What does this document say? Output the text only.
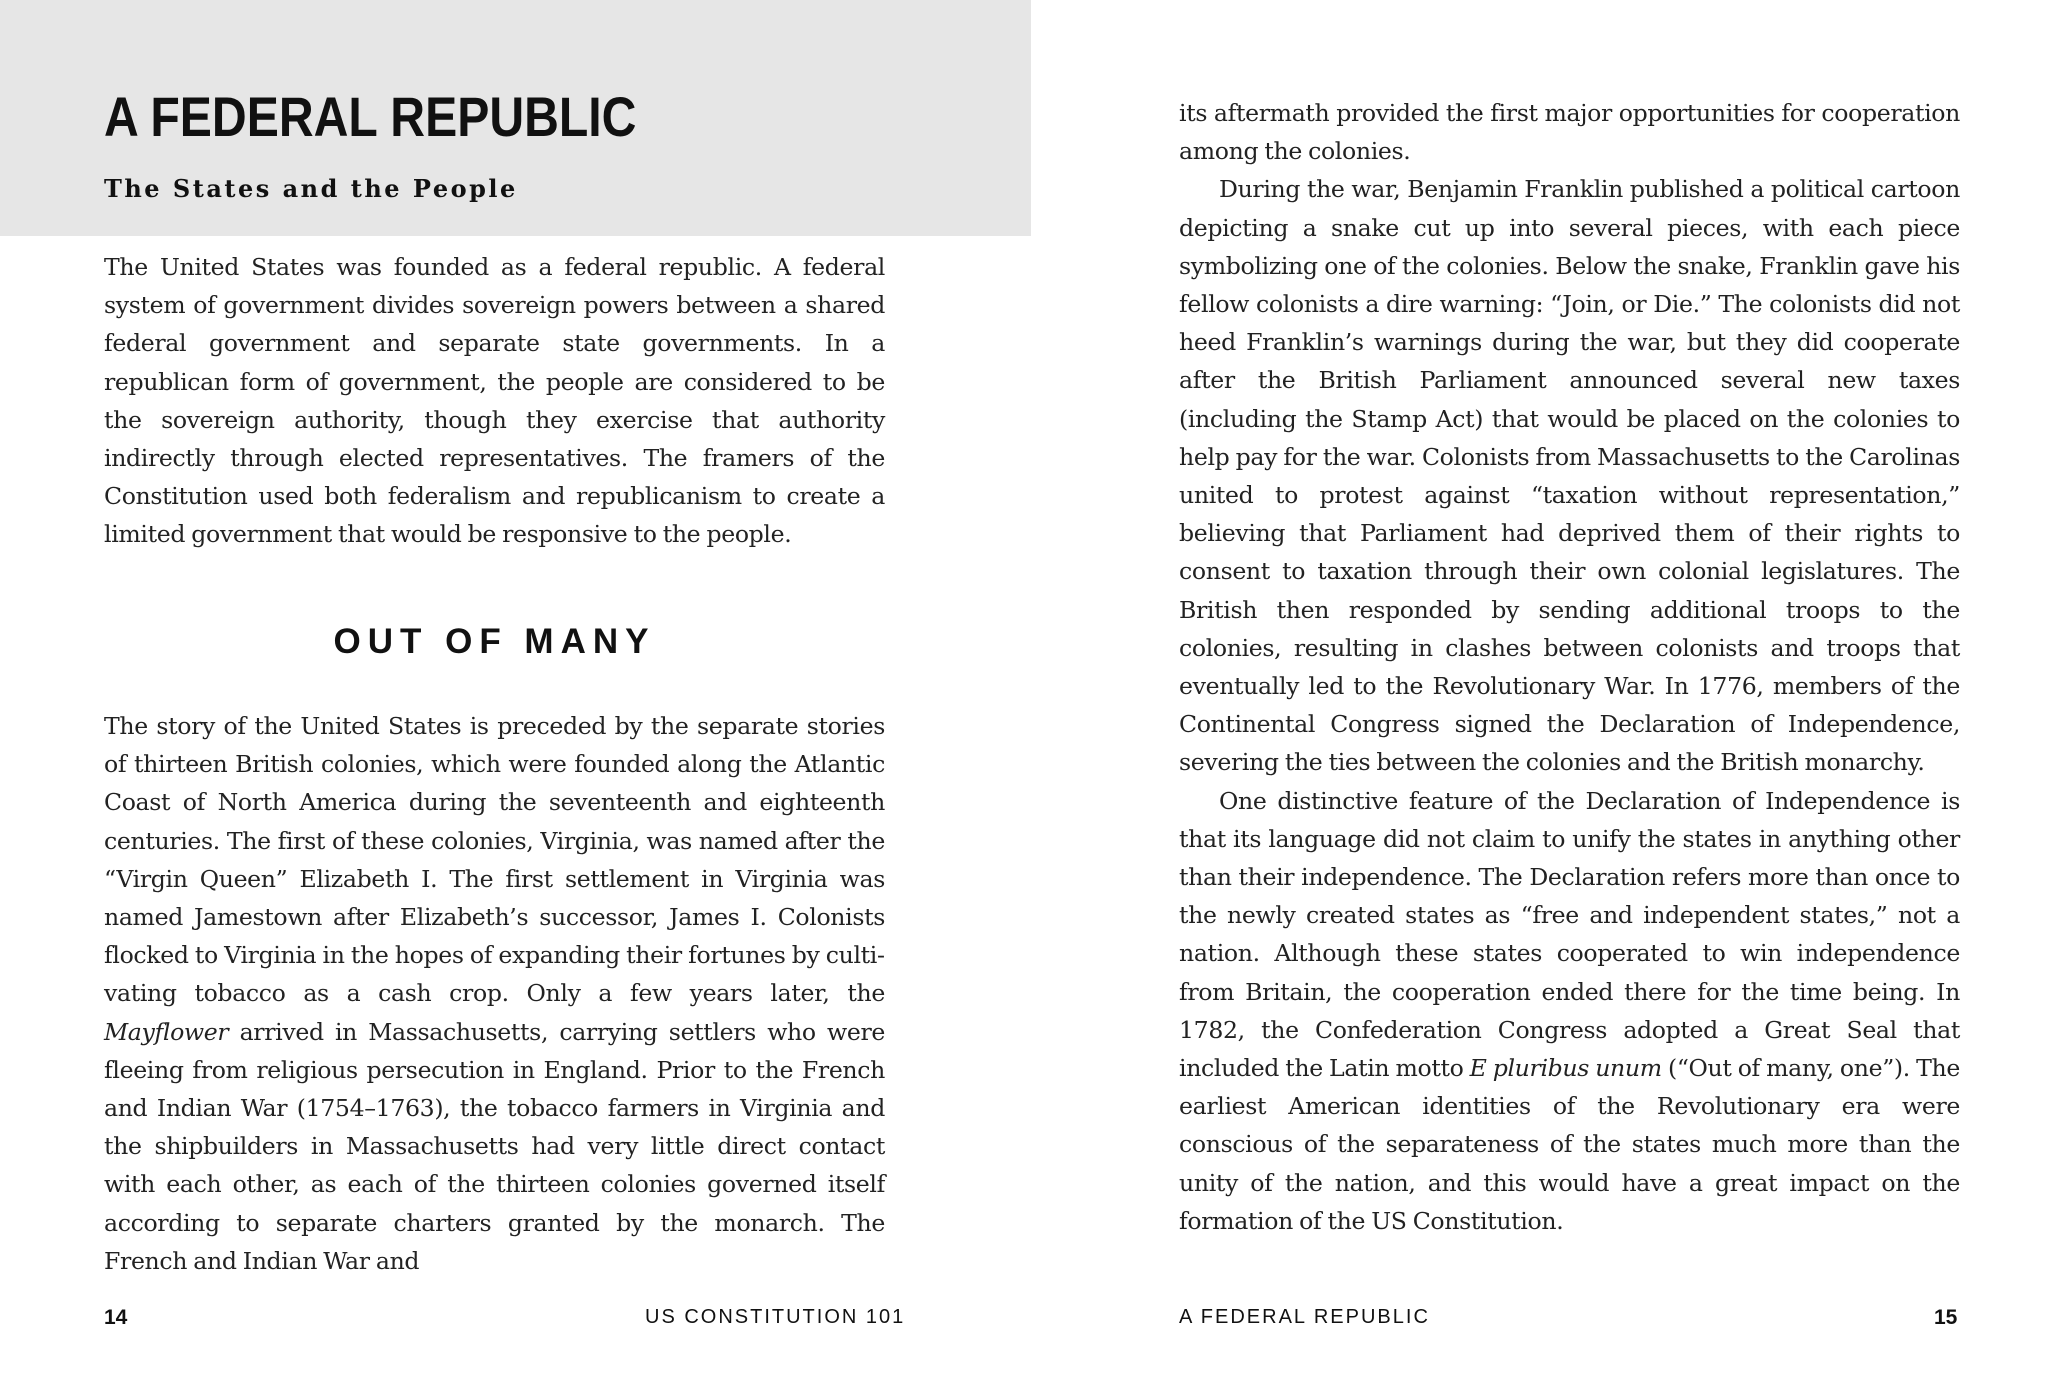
A FEDERAL REPUBLIC
The States and the People

The United States was founded as a federal republic. A federal system of government divides sovereign powers between a shared federal government and separate state governments. In a republican form of government, the people are considered to be the sovereign authority, though they exercise that authority indirectly through elected representatives. The framers of the Constitution used both federalism and republicanism to create a limited government that would be responsive to the people.

OUT OF MANY

The story of the United States is preceded by the separate stories of thirteen British colonies, which were founded along the Atlantic Coast of North America during the seventeenth and eighteenth centuries. The first of these colonies, Virginia, was named after the “Virgin Queen” Elizabeth I. The first settlement in Virginia was named Jamestown after Elizabeth’s successor, James I. Colonists flocked to Virginia in the hopes of expanding their fortunes by cultivating tobacco as a cash crop. Only a few years later, the Mayflower arrived in Massachusetts, carrying settlers who were fleeing from religious persecution in England. Prior to the French and Indian War (1754–1763), the tobacco farmers in Virginia and the shipbuilders in Massachusetts had very little direct contact with each other, as each of the thirteen colonies governed itself according to separate charters granted by the monarch. The French and Indian War and

14	US CONSTITUTION 101

its aftermath provided the first major opportunities for cooperation among the colonies.

During the war, Benjamin Franklin published a political cartoon depicting a snake cut up into several pieces, with each piece symbolizing one of the colonies. Below the snake, Franklin gave his fellow colonists a dire warning: “Join, or Die.” The colonists did not heed Franklin’s warnings during the war, but they did cooperate after the British Parliament announced several new taxes (including the Stamp Act) that would be placed on the colonies to help pay for the war. Colonists from Massachusetts to the Carolinas united to protest against “taxation without representation,” believing that Parliament had deprived them of their rights to consent to taxation through their own colonial legislatures. The British then responded by sending additional troops to the colonies, resulting in clashes between colonists and troops that eventually led to the Revolutionary War. In 1776, members of the Continental Congress signed the Declaration of Independence, severing the ties between the colonies and the British monarchy.

One distinctive feature of the Declaration of Independence is that its language did not claim to unify the states in anything other than their independence. The Declaration refers more than once to the newly created states as “free and independent states,” not a nation. Although these states cooperated to win independence from Britain, the cooperation ended there for the time being. In 1782, the Confederation Congress adopted a Great Seal that included the Latin motto E pluribus unum (“Out of many, one”). The earliest American identities of the Revolutionary era were conscious of the separateness of the states much more than the unity of the nation, and this would have a great impact on the formation of the US Constitution.

A FEDERAL REPUBLIC	15
